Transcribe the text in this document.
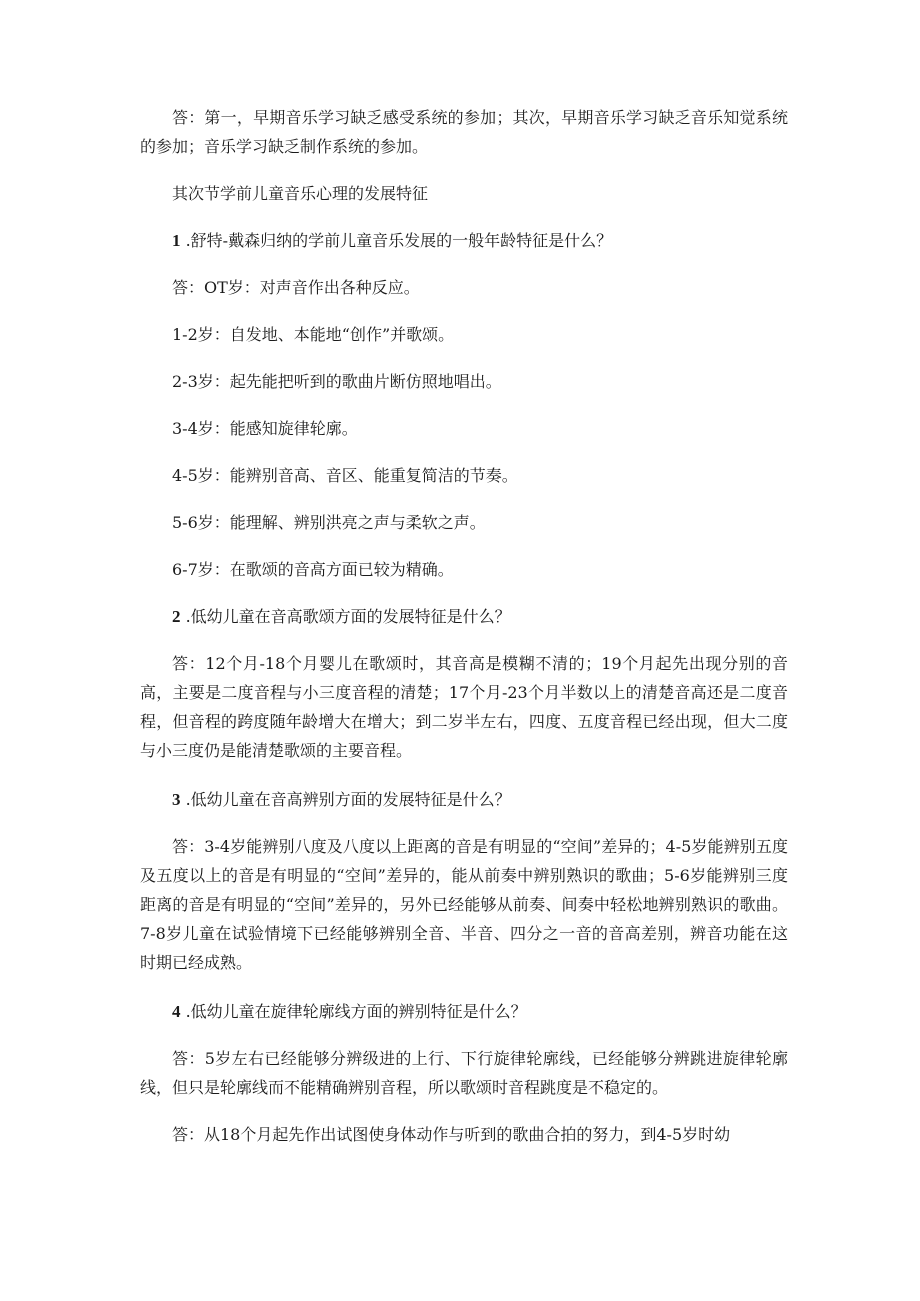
答：第一，早期音乐学习缺乏感受系统的参加；其次，早期音乐学习缺乏音乐知觉系统的参加；音乐学习缺乏制作系统的参加。

其次节学前儿童音乐心理的发展特征

1 .舒特-戴森归纳的学前儿童音乐发展的一般年龄特征是什么？

答：OT岁：对声音作出各种反应。

1-2岁：自发地、本能地“创作”并歌颂。

2-3岁：起先能把听到的歌曲片断仿照地唱出。

3-4岁：能感知旋律轮廓。

4-5岁：能辨别音高、音区、能重复简洁的节奏。

5-6岁：能理解、辨别洪亮之声与柔软之声。

6-7岁：在歌颂的音高方面已较为精确。

2 .低幼儿童在音高歌颂方面的发展特征是什么？

答：12个月-18个月婴儿在歌颂时，其音高是模糊不清的；19个月起先出现分别的音高，主要是二度音程与小三度音程的清楚；17个月-23个月半数以上的清楚音高还是二度音程，但音程的跨度随年龄增大在增大；到二岁半左右，四度、五度音程已经出现，但大二度与小三度仍是能清楚歌颂的主要音程。

3 .低幼儿童在音高辨别方面的发展特征是什么？

答：3-4岁能辨别八度及八度以上距离的音是有明显的“空间”差异的；4-5岁能辨别五度及五度以上的音是有明显的“空间”差异的，能从前奏中辨别熟识的歌曲；5-6岁能辨别三度距离的音是有明显的“空间”差异的，另外已经能够从前奏、间奏中轻松地辨别熟识的歌曲。7-8岁儿童在试验情境下已经能够辨别全音、半音、四分之一音的音高差别，辨音功能在这时期已经成熟。

4 .低幼儿童在旋律轮廓线方面的辨别特征是什么？

答：5岁左右已经能够分辨级进的上行、下行旋律轮廓线，已经能够分辨跳进旋律轮廓线，但只是轮廓线而不能精确辨别音程，所以歌颂时音程跳度是不稳定的。

答：从18个月起先作出试图使身体动作与听到的歌曲合拍的努力，到4-5岁时幼
